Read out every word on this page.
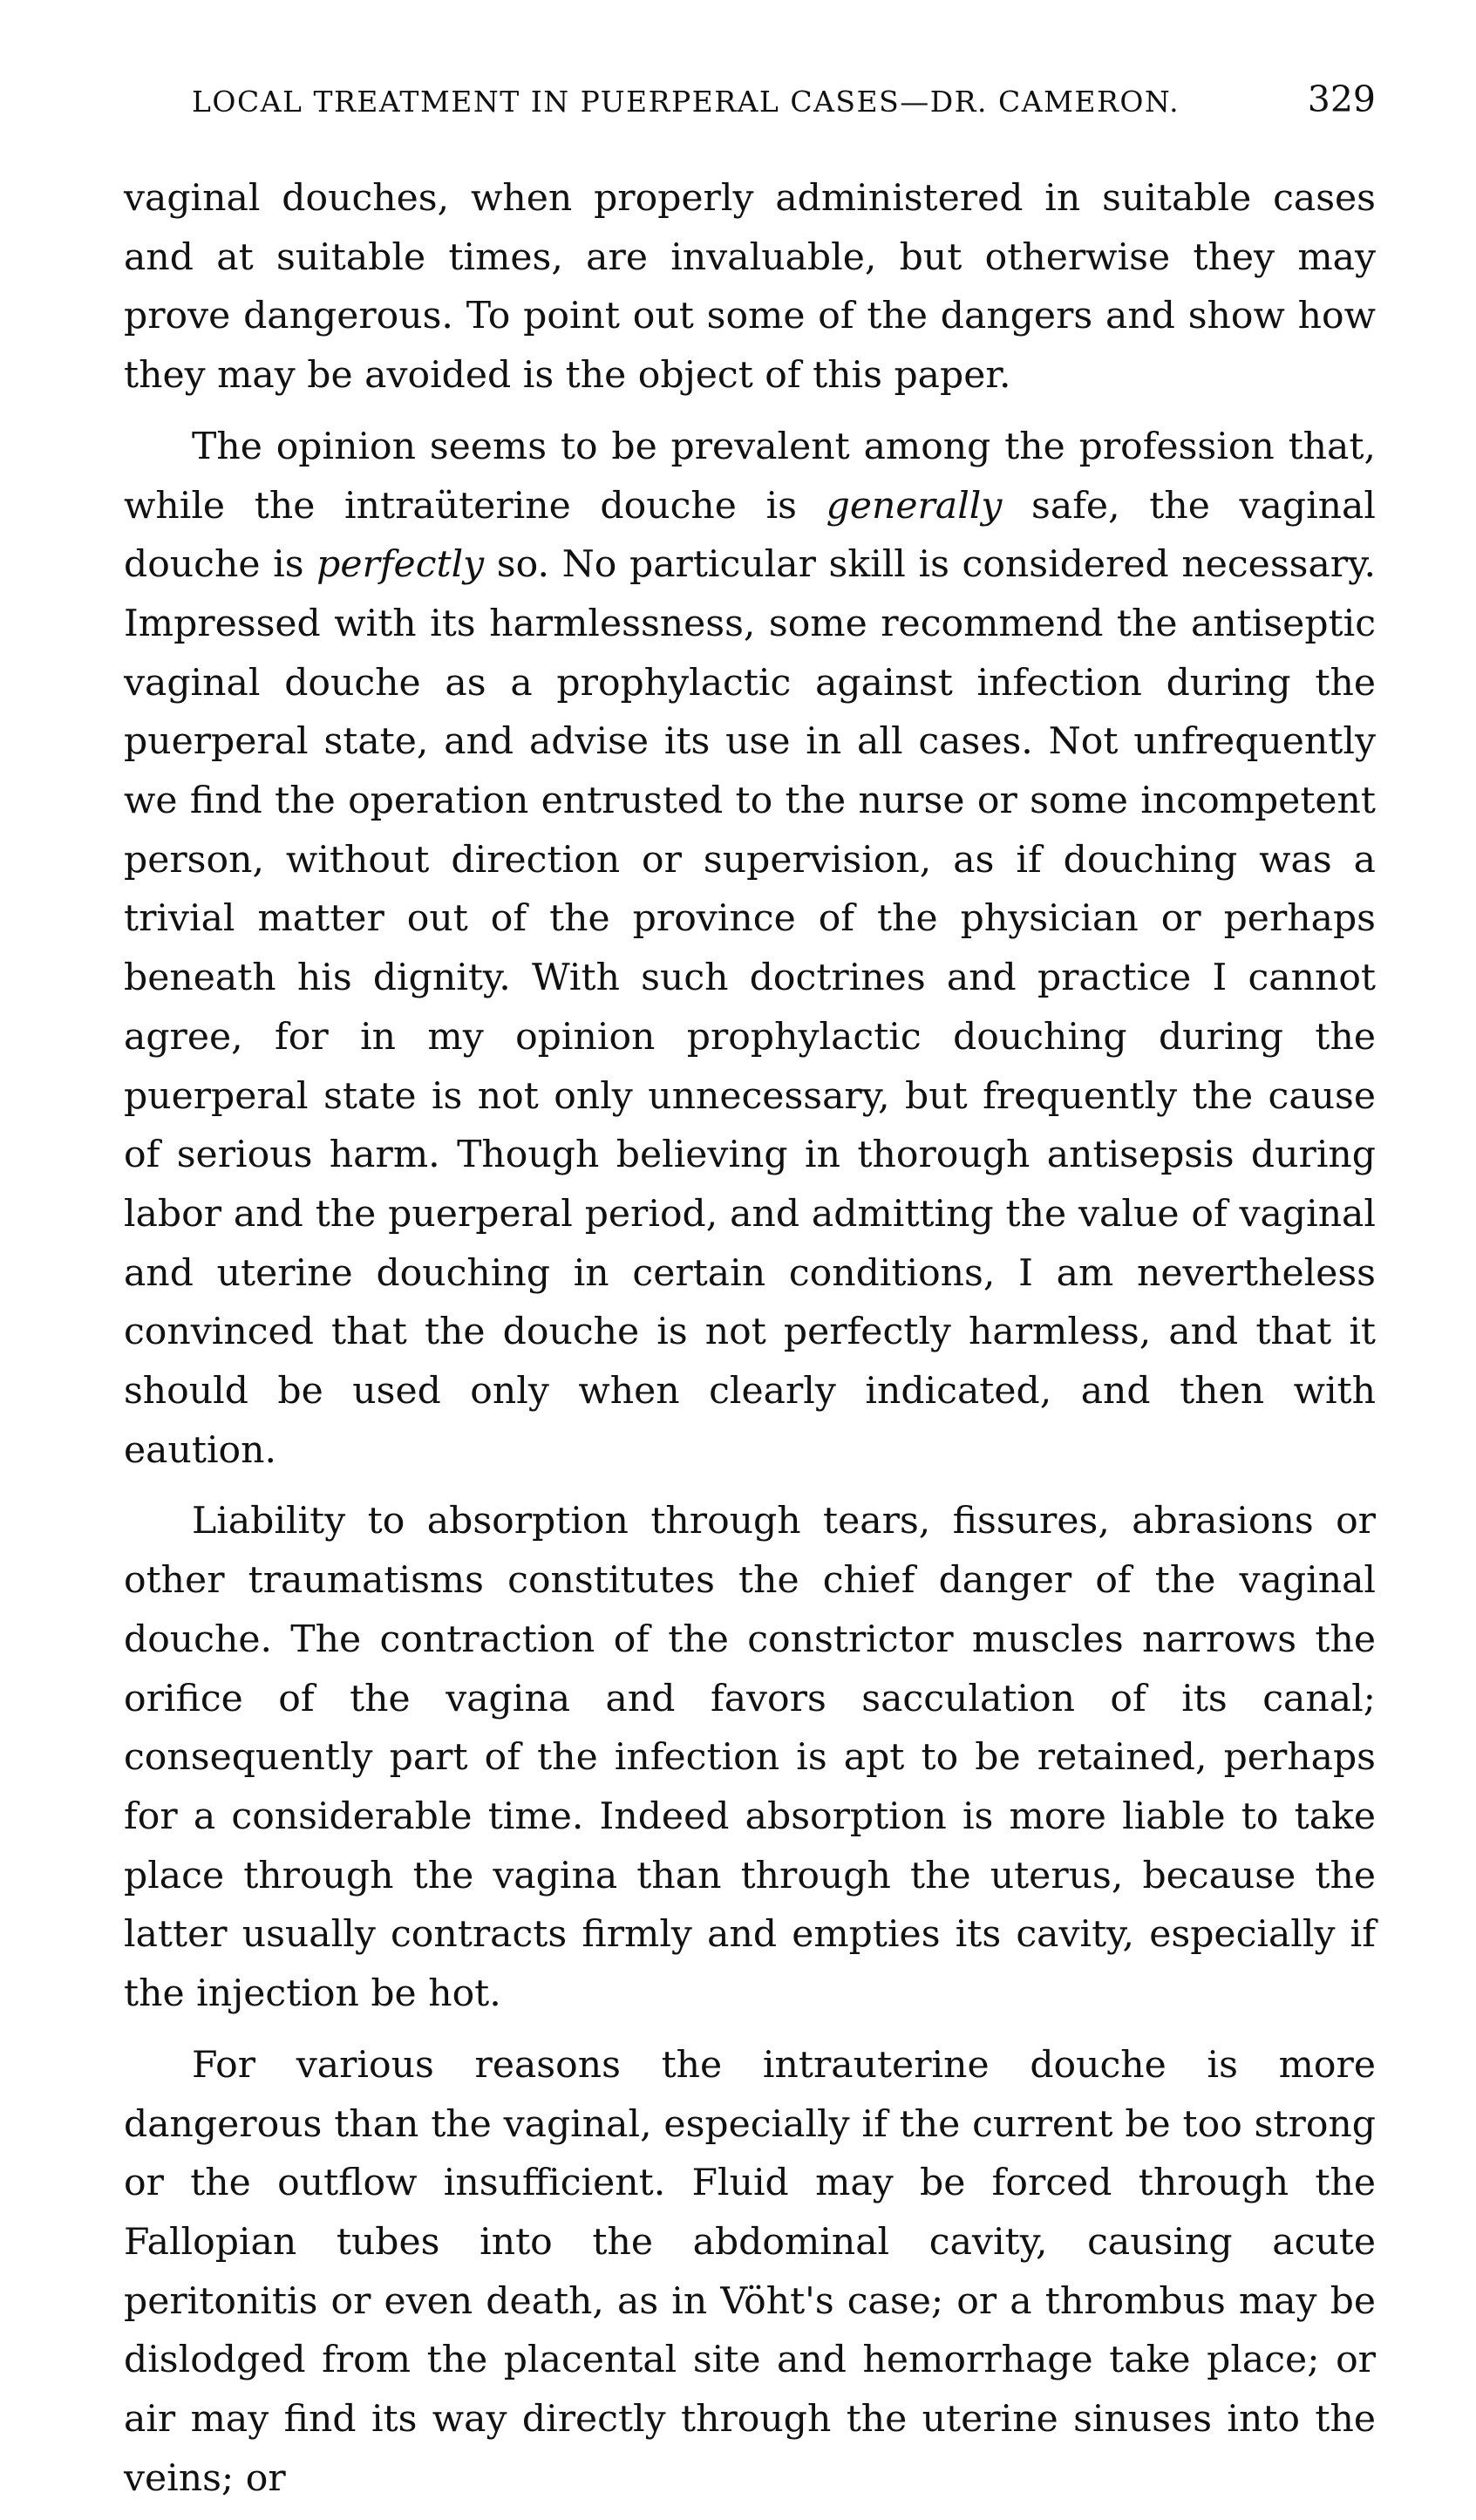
LOCAL TREATMENT IN PUERPERAL CASES—DR. CAMERON.	329

vaginal douches, when properly administered in suitable cases and at suitable times, are invaluable, but otherwise they may prove dangerous. To point out some of the dangers and show how they may be avoided is the object of this paper.

The opinion seems to be prevalent among the profession that, while the intraüterine douche is generally safe, the vaginal douche is perfectly so. No particular skill is considered necessary. Impressed with its harmlessness, some recommend the antiseptic vaginal douche as a prophylactic against infection during the puerperal state, and advise its use in all cases. Not unfrequently we find the operation entrusted to the nurse or some incompetent person, without direction or supervision, as if douching was a trivial matter out of the province of the physician or perhaps beneath his dignity. With such doctrines and practice I cannot agree, for in my opinion prophylactic douching during the puerperal state is not only unnecessary, but frequently the cause of serious harm. Though believing in thorough antisepsis during labor and the puerperal period, and admitting the value of vaginal and uterine douching in certain conditions, I am nevertheless convinced that the douche is not perfectly harmless, and that it should be used only when clearly indicated, and then with eaution.

Liability to absorption through tears, fissures, abrasions or other traumatisms constitutes the chief danger of the vaginal douche. The contraction of the constrictor muscles narrows the orifice of the vagina and favors sacculation of its canal; consequently part of the infection is apt to be retained, perhaps for a considerable time. Indeed absorption is more liable to take place through the vagina than through the uterus, because the latter usually contracts firmly and empties its cavity, especially if the injection be hot.

For various reasons the intrauterine douche is more dangerous than the vaginal, especially if the current be too strong or the outflow insufficient. Fluid may be forced through the Fallopian tubes into the abdominal cavity, causing acute peritonitis or even death, as in Vöht's case; or a thrombus may be dislodged from the placental site and hemorrhage take place; or air may find its way directly through the uterine sinuses into the veins; or
